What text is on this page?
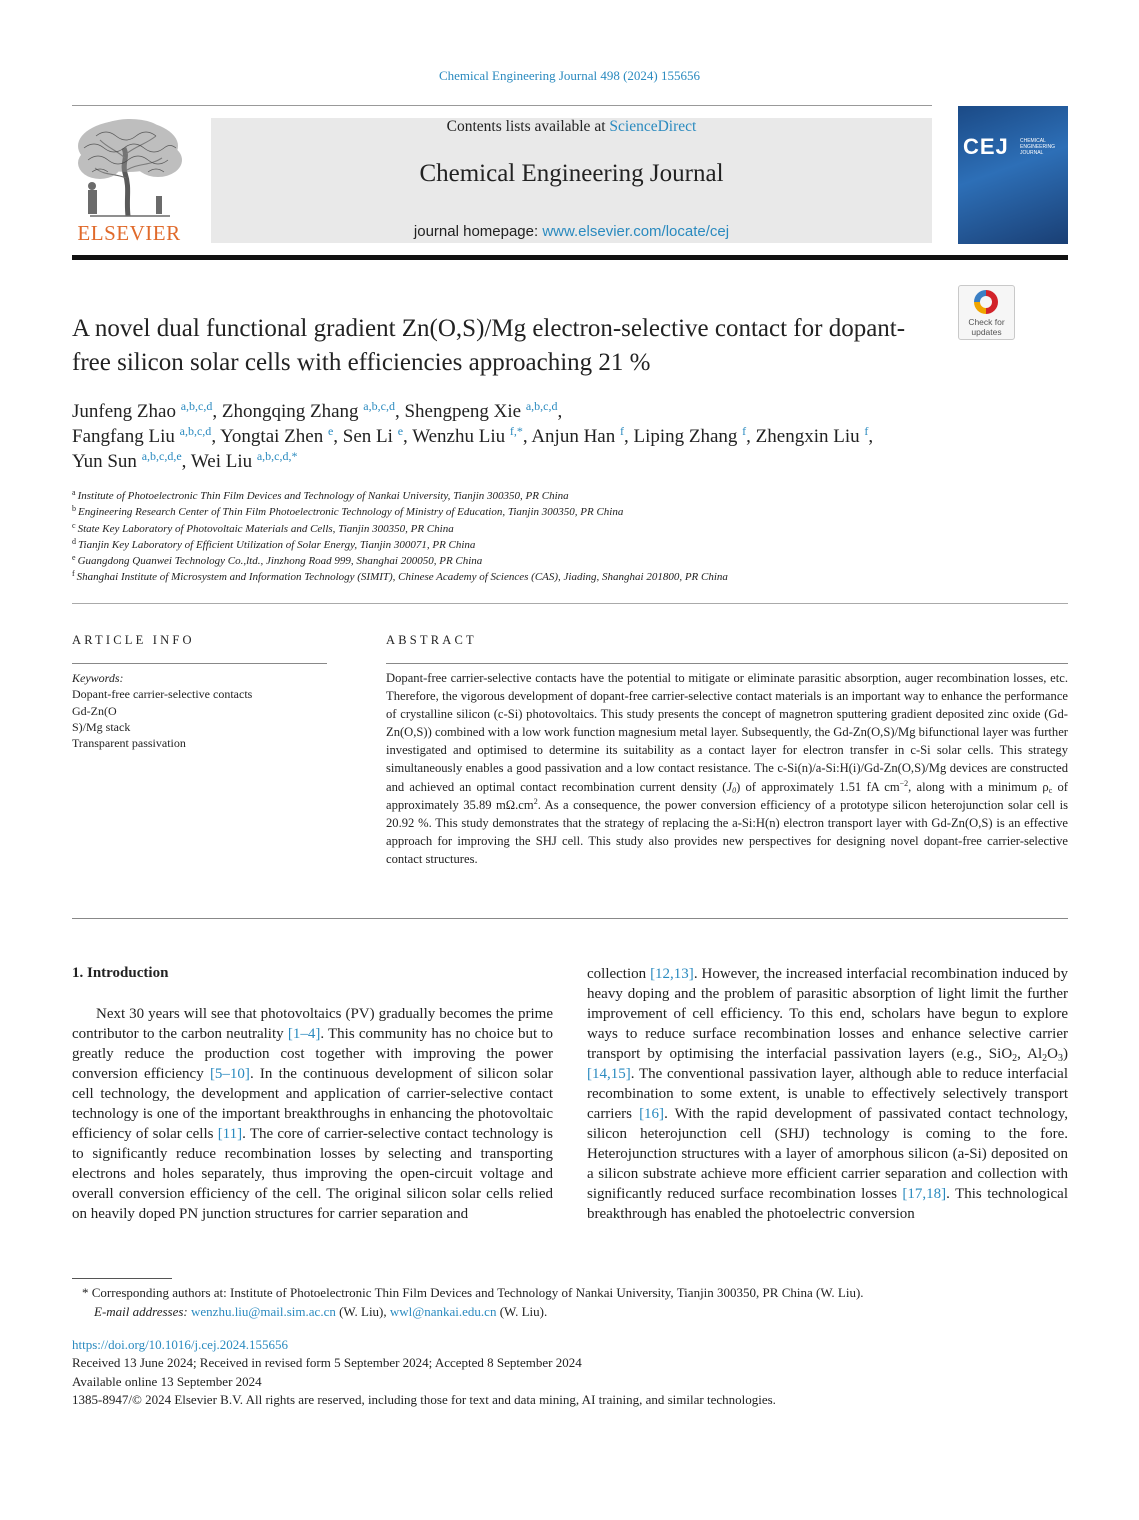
Chemical Engineering Journal 498 (2024) 155656
ELSEVIER
Contents lists available at ScienceDirect
Chemical Engineering Journal
journal homepage: www.elsevier.com/locate/cej
CEJ CHEMICAL ENGINEERING JOURNAL
A novel dual functional gradient Zn(O,S)/Mg electron-selective contact for dopant-free silicon solar cells with efficiencies approaching 21 %
Check for
updates
Junfeng Zhao $^{a,b,c,d}$, Zhongqing Zhang $^{a,b,c,d}$, Shengpeng Xie $^{a,b,c,d}$,
Fangfang Liu $^{a,b,c,d}$, Yongtai Zhen $^e$, Sen Li $^e$, Wenzhu Liu $^{f,*}$, Anjun Han $^f$, Liping Zhang $^f$, Zhengxin Liu $^f$,
Yun Sun $^{a,b,c,d,e}$, Wei Liu $^{a,b,c,d,*}$
$^a$ Institute of Photoelectronic Thin Film Devices and Technology of Nankai University, Tianjin 300350, PR China
$^b$ Engineering Research Center of Thin Film Photoelectronic Technology of Ministry of Education, Tianjin 300350, PR China
$^c$ State Key Laboratory of Photovoltaic Materials and Cells, Tianjin 300350, PR China
$^d$ Tianjin Key Laboratory of Efficient Utilization of Solar Energy, Tianjin 300071, PR China
$^e$ Guangdong Quanwei Technology Co.,ltd., Jinzhong Road 999, Shanghai 200050, PR China
$^f$ Shanghai Institute of Microsystem and Information Technology (SIMIT), Chinese Academy of Sciences (CAS), Jiading, Shanghai 201800, PR China
ARTICLE INFO	ABSTRACT
Keywords:
Dopant-free carrier-selective contacts
Gd-Zn(O
S)/Mg stack
Transparent passivation
Dopant-free carrier-selective contacts have the potential to mitigate or eliminate parasitic absorption, auger recombination losses, etc. Therefore, the vigorous development of dopant-free carrier-selective contact materials is an important way to enhance the performance of crystalline silicon (c-Si) photovoltaics. This study presents the concept of magnetron sputtering gradient deposited zinc oxide (Gd-Zn(O,S)) combined with a low work function magnesium metal layer. Subsequently, the Gd-Zn(O,S)/Mg bifunctional layer was further investigated and optimised to determine its suitability as a contact layer for electron transfer in c-Si solar cells. This strategy simultaneously enables a good passivation and a low contact resistance. The c-Si(n)/a-Si:H(i)/Gd-Zn(O,S)/Mg devices are constructed and achieved an optimal contact recombination current density $(J_0)$ of approximately 1.51 fA $cm^{-2}$, along with a minimum $\rho_c$ of approximately 35.89 $m\Omega.cm^2$. As a consequence, the power conversion efficiency of a prototype silicon heterojunction solar cell is 20.92 %. This study demonstrates that the strategy of replacing the a-Si:H(n) electron transport layer with Gd-Zn(O,S) is an effective approach for improving the SHJ cell. This study also provides new perspectives for designing novel dopant-free carrier-selective contact structures.
1. Introduction
Next 30 years will see that photovoltaics (PV) gradually becomes the prime contributor to the carbon neutrality [1–4]. This community has no choice but to greatly reduce the production cost together with improving the power conversion efficiency [5–10]. In the continuous development of silicon solar cell technology, the development and application of carrier-selective contact technology is one of the important breakthroughs in enhancing the photovoltaic efficiency of solar cells [11]. The core of carrier-selective contact technology is to significantly reduce recombination losses by selecting and transporting electrons and holes separately, thus improving the open-circuit voltage and overall conversion efficiency of the cell. The original silicon solar cells relied on heavily doped PN junction structures for carrier separation and
collection [12,13]. However, the increased interfacial recombination induced by heavy doping and the problem of parasitic absorption of light limit the further improvement of cell efficiency. To this end, scholars have begun to explore ways to reduce surface recombination losses and enhance selective carrier transport by optimising the interfacial passivation layers (e.g., SiO$_2$, $Al_2O_3$) [14,15]. The conventional passivation layer, although able to reduce interfacial recombination to some extent, is unable to effectively selectively transport carriers [16]. With the rapid development of passivated contact technology, silicon heterojunction cell (SHJ) technology is coming to the fore. Heterojunction structures with a layer of amorphous silicon (a-Si) deposited on a silicon substrate achieve more efficient carrier separation and collection with significantly reduced surface recombination losses [17,18]. This technological breakthrough has enabled the photoelectric conversion
* Corresponding authors at: Institute of Photoelectronic Thin Film Devices and Technology of Nankai University, Tianjin 300350, PR China (W. Liu).
E-mail addresses: wenzhu.liu@mail.sim.ac.cn (W. Liu), wwl@nankai.edu.cn (W. Liu).
https://doi.org/10.1016/j.cej.2024.155656
Received 13 June 2024; Received in revised form 5 September 2024; Accepted 8 September 2024
Available online 13 September 2024
1385-8947/© 2024 Elsevier B.V. All rights are reserved, including those for text and data mining, AI training, and similar technologies.
